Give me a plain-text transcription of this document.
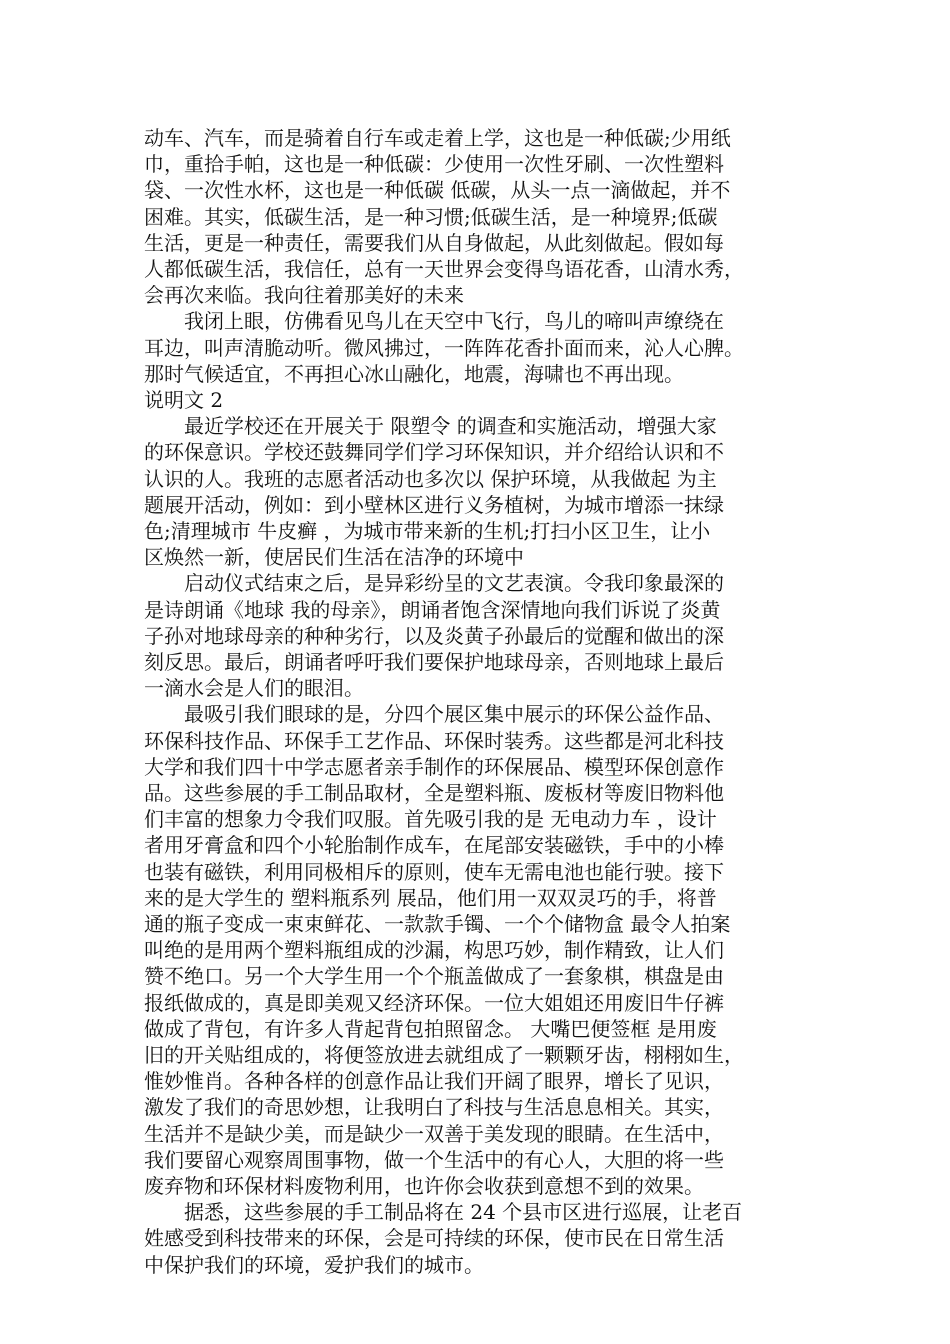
动车、汽车，而是骑着自行车或走着上学，这也是一种低碳;少用纸
巾，重拾手帕，这也是一种低碳：少使用一次性牙刷、一次性塑料
袋、一次性水杯，这也是一种低碳 低碳，从头一点一滴做起，并不
困难。其实，低碳生活，是一种习惯;低碳生活，是一种境界;低碳
生活，更是一种责任，需要我们从自身做起，从此刻做起。假如每
人都低碳生活，我信任，总有一天世界会变得鸟语花香，山清水秀，
会再次来临。我向往着那美好的未来
　　我闭上眼，仿佛看见鸟儿在天空中飞行，鸟儿的啼叫声缭绕在
耳边，叫声清脆动听。微风拂过，一阵阵花香扑面而来，沁人心脾。
那时气候适宜，不再担心冰山融化，地震，海啸也不再出现。
说明文 2
　　最近学校还在开展关于 限塑令 的调查和实施活动，增强大家
的环保意识。学校还鼓舞同学们学习环保知识，并介绍给认识和不
认识的人。我班的志愿者活动也多次以 保护环境，从我做起 为主
题展开活动，例如：到小壁林区进行义务植树，为城市增添一抹绿
色;清理城市 牛皮癣 ，为城市带来新的生机;打扫小区卫生，让小
区焕然一新，使居民们生活在洁净的环境中
　　启动仪式结束之后，是异彩纷呈的文艺表演。令我印象最深的
是诗朗诵《地球 我的母亲》，朗诵者饱含深情地向我们诉说了炎黄
子孙对地球母亲的种种劣行，以及炎黄子孙最后的觉醒和做出的深
刻反思。最后，朗诵者呼吁我们要保护地球母亲，否则地球上最后
一滴水会是人们的眼泪。
　　最吸引我们眼球的是，分四个展区集中展示的环保公益作品、
环保科技作品、环保手工艺作品、环保时装秀。这些都是河北科技
大学和我们四十中学志愿者亲手制作的环保展品、模型环保创意作
品。这些参展的手工制品取材，全是塑料瓶、废板材等废旧物料他
们丰富的想象力令我们叹服。首先吸引我的是 无电动力车 ，设计
者用牙膏盒和四个小轮胎制作成车，在尾部安装磁铁，手中的小棒
也装有磁铁，利用同极相斥的原则，使车无需电池也能行驶。接下
来的是大学生的 塑料瓶系列 展品，他们用一双双灵巧的手，将普
通的瓶子变成一束束鲜花、一款款手镯、一个个储物盒 最令人拍案
叫绝的是用两个塑料瓶组成的沙漏，构思巧妙，制作精致，让人们
赞不绝口。另一个大学生用一个个瓶盖做成了一套象棋，棋盘是由
报纸做成的，真是即美观又经济环保。一位大姐姐还用废旧牛仔裤
做成了背包，有许多人背起背包拍照留念。 大嘴巴便签框 是用废
旧的开关贴组成的，将便签放进去就组成了一颗颗牙齿，栩栩如生，
惟妙惟肖。各种各样的创意作品让我们开阔了眼界，增长了见识，
激发了我们的奇思妙想，让我明白了科技与生活息息相关。其实，
生活并不是缺少美，而是缺少一双善于美发现的眼睛。在生活中，
我们要留心观察周围事物，做一个生活中的有心人，大胆的将一些
废弃物和环保材料废物利用，也许你会收获到意想不到的效果。
　　据悉，这些参展的手工制品将在 24 个县市区进行巡展，让老百
姓感受到科技带来的环保，会是可持续的环保，使市民在日常生活
中保护我们的环境，爱护我们的城市。
